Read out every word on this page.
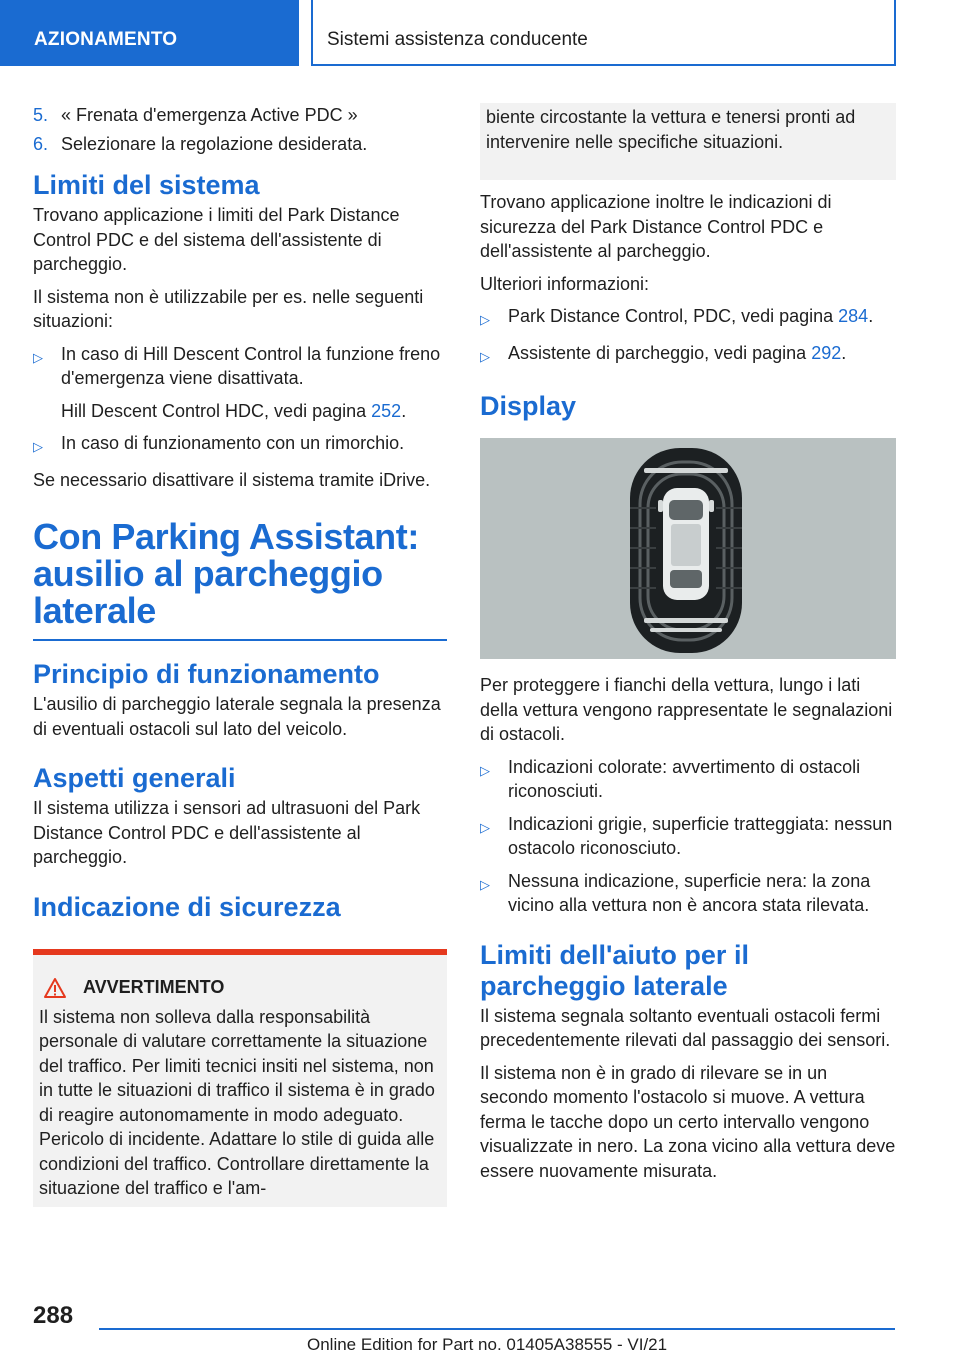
AZIONAMENTO	Sistemi assistenza conducente
5. « Frenata d'emergenza Active PDC »
6. Selezionare la regolazione desiderata.
Limiti del sistema

Trovano applicazione i limiti del Park Distance Control PDC e del sistema dell'assistente di parcheggio.

Il sistema non è utilizzabile per es. nelle seguenti situazioni:

▷	In caso di Hill Descent Control la funzione freno d'emergenza viene disattivata.
Hill Descent Control HDC, vedi pagina 252.
▷	In caso di funzionamento con un rimorchio.

Se necessario disattivare il sistema tramite iDrive.

Con Parking Assistant: ausilio al parcheggio laterale
Principio di funzionamento

L'ausilio di parcheggio laterale segnala la presenza di eventuali ostacoli sul lato del veicolo.

Aspetti generali

Il sistema utilizza i sensori ad ultrasuoni del Park Distance Control PDC e dell'assistente al parcheggio.

Indicazione di sicurezza
AVVERTIMENTO

Il sistema non solleva dalla responsabilità personale di valutare correttamente la situazione del traffico. Per limiti tecnici insiti nel sistema, non in tutte le situazioni di traffico il sistema è in grado di reagire autonomamente in modo adeguato. Pericolo di incidente. Adattare lo stile di guida alle condizioni del traffico. Controllare direttamente la situazione del traffico e l'am-

biente circostante la vettura e tenersi pronti ad intervenire nelle specifiche situazioni.

Trovano applicazione inoltre le indicazioni di sicurezza del Park Distance Control PDC e dell'assistente al parcheggio.

Ulteriori informazioni:

▷	Park Distance Control, PDC, vedi pagina 284.
▷	Assistente di parcheggio, vedi pagina 292.
Display

Per proteggere i fianchi della vettura, lungo i lati della vettura vengono rappresentate le segnalazioni di ostacoli.

▷	Indicazioni colorate: avvertimento di ostacoli riconosciuti.
▷	Indicazioni grigie, superficie tratteggiata: nessun ostacolo riconosciuto.
▷	Nessuna indicazione, superficie nera: la zona vicino alla vettura non è ancora stata rilevata.
Limiti dell'aiuto per il parcheggio laterale

Il sistema segnala soltanto eventuali ostacoli fermi precedentemente rilevati dal passaggio dei sensori.

Il sistema non è in grado di rilevare se in un secondo momento l'ostacolo si muove. A vettura ferma le tacche dopo un certo intervallo vengono visualizzate in nero. La zona vicino alla vettura deve essere nuovamente misurata.

288
Online Edition for Part no. 01405A38555 - VI/21
